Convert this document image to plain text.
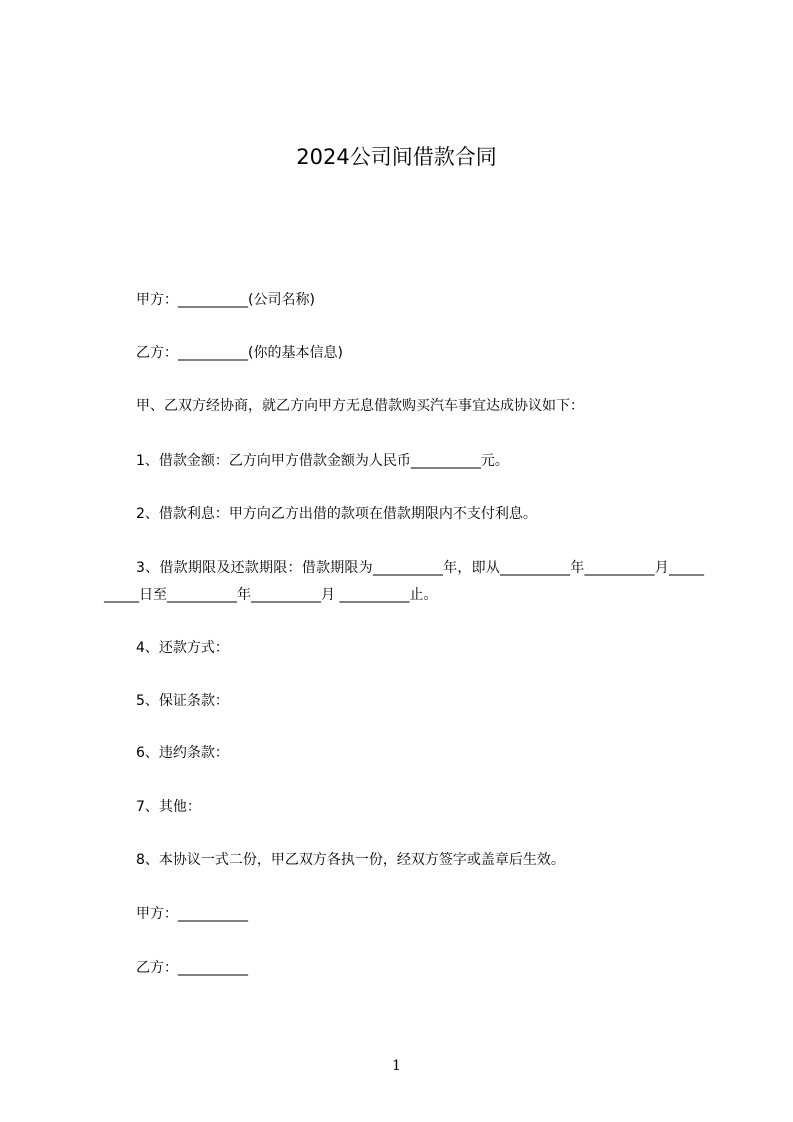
2024公司间借款合同

甲方：__________(公司名称)

乙方：__________(你的基本信息)

甲、乙双方经协商，就乙方向甲方无息借款购买汽车事宜达成协议如下：

1、借款金额：乙方向甲方借款金额为人民币__________元。

2、借款利息：甲方向乙方出借的款项在借款期限内不支付利息。

3、借款期限及还款期限：借款期限为__________年，即从__________年__________月__________日至__________年__________月 __________止。

4、还款方式：

5、保证条款：

6、违约条款：

7、其他：

8、本协议一式二份，甲乙双方各执一份，经双方签字或盖章后生效。

甲方：__________

乙方：__________

1
